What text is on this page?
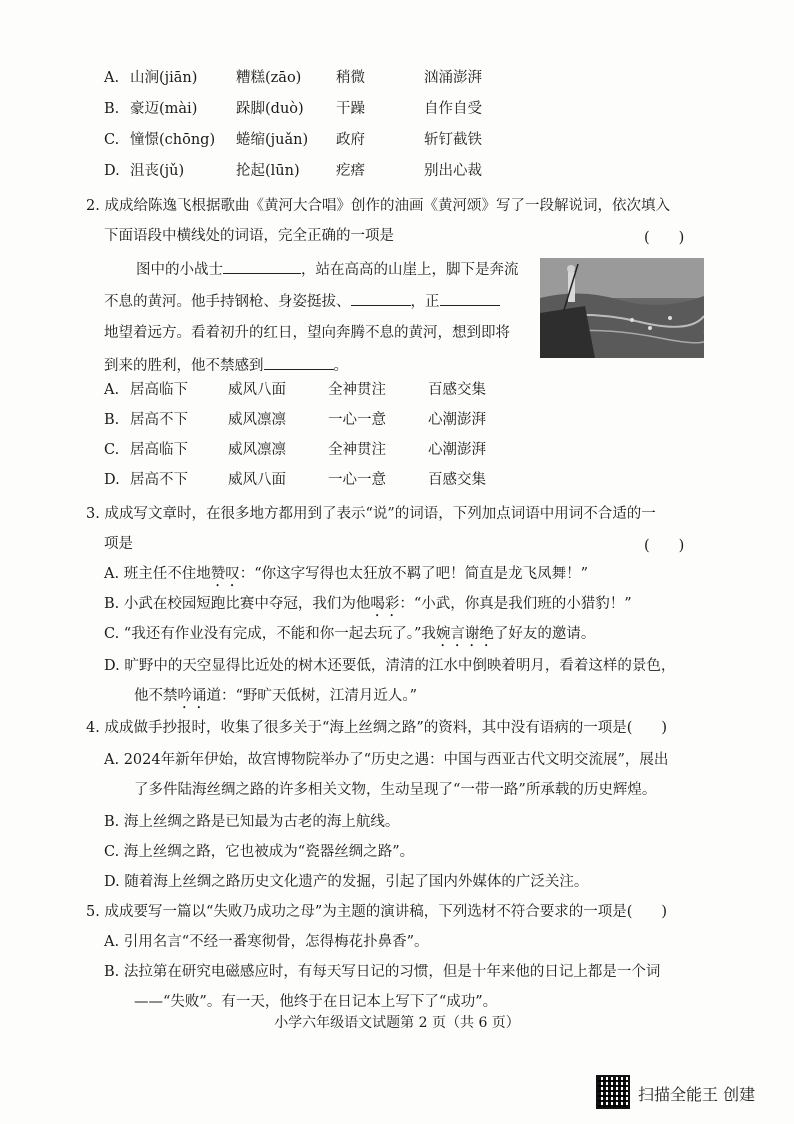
A. 山涧(jiān)	糟糕(zāo) 稍微	汹涌澎湃
B. 豪迈(mài)	跺脚(duò) 干躁	自作自受
C. 憧憬(chōng) 蜷缩(juǎn) 政府	斩钉截铁
D. 沮丧(jǔ)	抡起(lūn)	疙瘩	别出心裁
2. 成成给陈逸飞根据歌曲《黄河大合唱》创作的油画《黄河颂》写了一段解说词，依次填入
下面语段中横线处的词语，完全正确的一项是	(　　)
图中的小战士	，站在高高的山崖上，脚下是奔流
不息的黄河。他手持钢枪、身姿挺拔、	，正
地望着远方。看着初升的红日，望向奔腾不息的黄河，想到即将
到来的胜利，他不禁感到	。
A. 居高临下	威风八面	全神贯注	百感交集
B. 居高不下	威风凛凛	一心一意	心潮澎湃
C. 居高临下	威风凛凛	全神贯注	心潮澎湃
D. 居高不下	威风八面	一心一意	百感交集
3. 成成写文章时，在很多地方都用到了表示“说”的词语，下列加点词语中用词不合适的一
项是	(　　)
A. 班主任不住地赞叹：“你这字写得也太狂放不羁了吧！简直是龙飞凤舞！”
B. 小武在校园短跑比赛中夺冠，我们为他喝彩：“小武，你真是我们班的小猎豹！”
C. “我还有作业没有完成，不能和你一起去玩了。”我婉言谢绝了好友的邀请。
D. 旷野中的天空显得比近处的树木还要低，清清的江水中倒映着明月，看着这样的景色，
他不禁吟诵道：“野旷天低树，江清月近人。”
4. 成成做手抄报时，收集了很多关于“海上丝绸之路”的资料，其中没有语病的一项是(　　)
A. 2024年新年伊始，故宫博物院举办了“历史之遇：中国与西亚古代文明交流展”，展出
了多件陆海丝绸之路的许多相关文物，生动呈现了“一带一路”所承载的历史辉煌。
B. 海上丝绸之路是已知最为古老的海上航线。
C. 海上丝绸之路，它也被成为“瓷器丝绸之路”。
D. 随着海上丝绸之路历史文化遗产的发掘，引起了国内外媒体的广泛关注。
5. 成成要写一篇以“失败乃成功之母”为主题的演讲稿，下列选材不符合要求的一项是(　　)
A. 引用名言“不经一番寒彻骨，怎得梅花扑鼻香”。
B. 法拉第在研究电磁感应时，有每天写日记的习惯，但是十年来他的日记上都是一个词
——“失败”。有一天，他终于在日记本上写下了“成功”。
小学六年级语文试题第 2 页（共 6 页）
扫描全能王 创建
